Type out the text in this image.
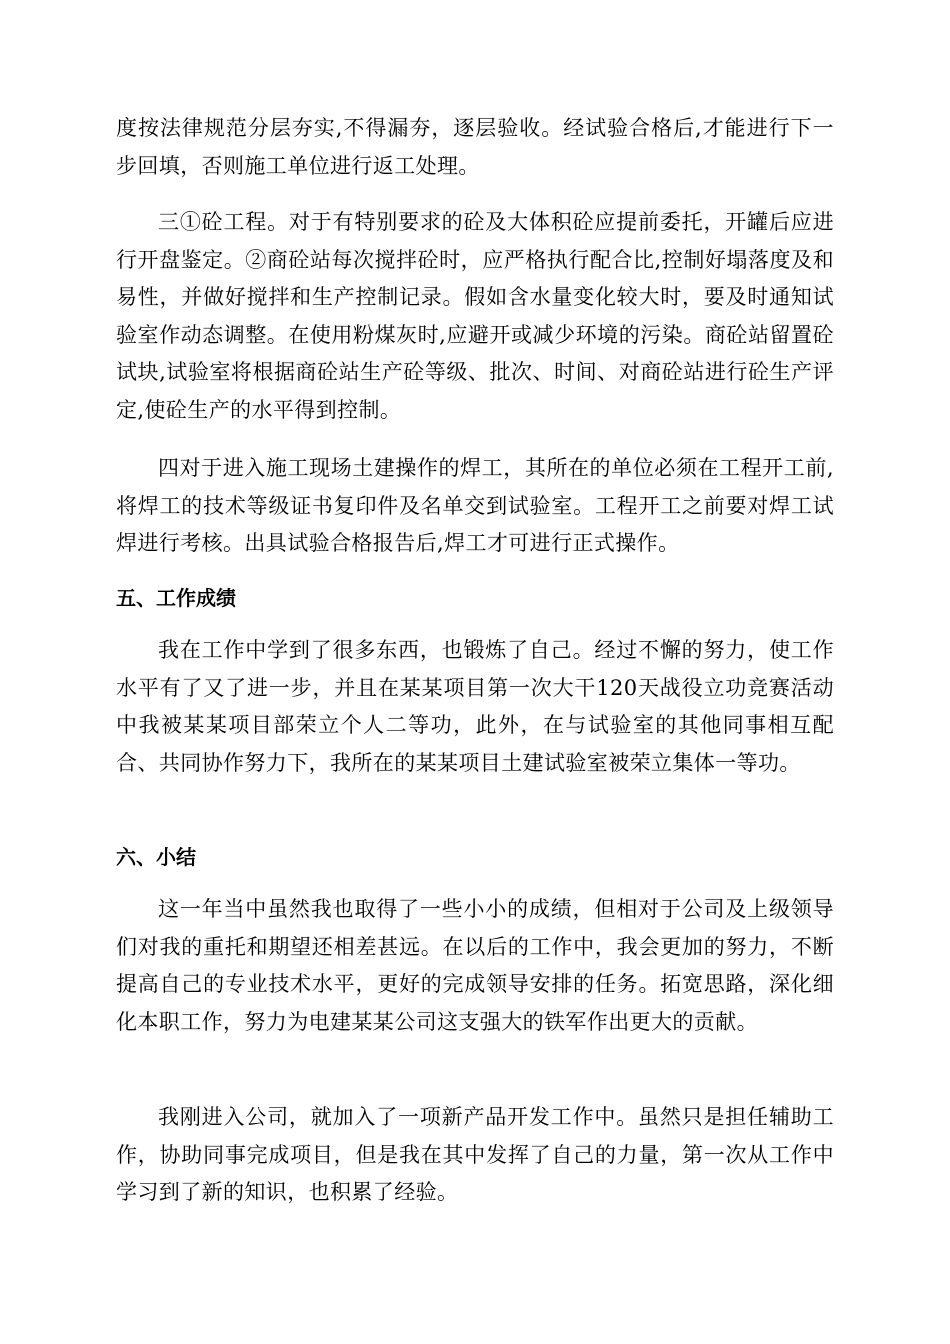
度按法律规范分层夯实,不得漏夯，逐层验收。经试验合格后,才能进行下一步回填，否则施工单位进行返工处理。

三①砼工程。对于有特别要求的砼及大体积砼应提前委托，开罐后应进行开盘鉴定。②商砼站每次搅拌砼时，应严格执行配合比,控制好塌落度及和易性，并做好搅拌和生产控制记录。假如含水量变化较大时，要及时通知试验室作动态调整。在使用粉煤灰时,应避开或减少环境的污染。商砼站留置砼试块,试验室将根据商砼站生产砼等级、批次、时间、对商砼站进行砼生产评定,使砼生产的水平得到控制。

四对于进入施工现场土建操作的焊工，其所在的单位必须在工程开工前,将焊工的技术等级证书复印件及名单交到试验室。工程开工之前要对焊工试焊进行考核。出具试验合格报告后,焊工才可进行正式操作。

五、工作成绩

我在工作中学到了很多东西，也锻炼了自己。经过不懈的努力，使工作水平有了又了进一步，并且在某某项目第一次大干120天战役立功竞赛活动中我被某某项目部荣立个人二等功，此外，在与试验室的其他同事相互配合、共同协作努力下，我所在的某某项目土建试验室被荣立集体一等功。

六、小结

这一年当中虽然我也取得了一些小小的成绩，但相对于公司及上级领导们对我的重托和期望还相差甚远。在以后的工作中，我会更加的努力，不断提高自己的专业技术水平，更好的完成领导安排的任务。拓宽思路，深化细化本职工作，努力为电建某某公司这支强大的铁军作出更大的贡献。

我刚进入公司，就加入了一项新产品开发工作中。虽然只是担任辅助工作，协助同事完成项目，但是我在其中发挥了自己的力量，第一次从工作中学习到了新的知识，也积累了经验。
